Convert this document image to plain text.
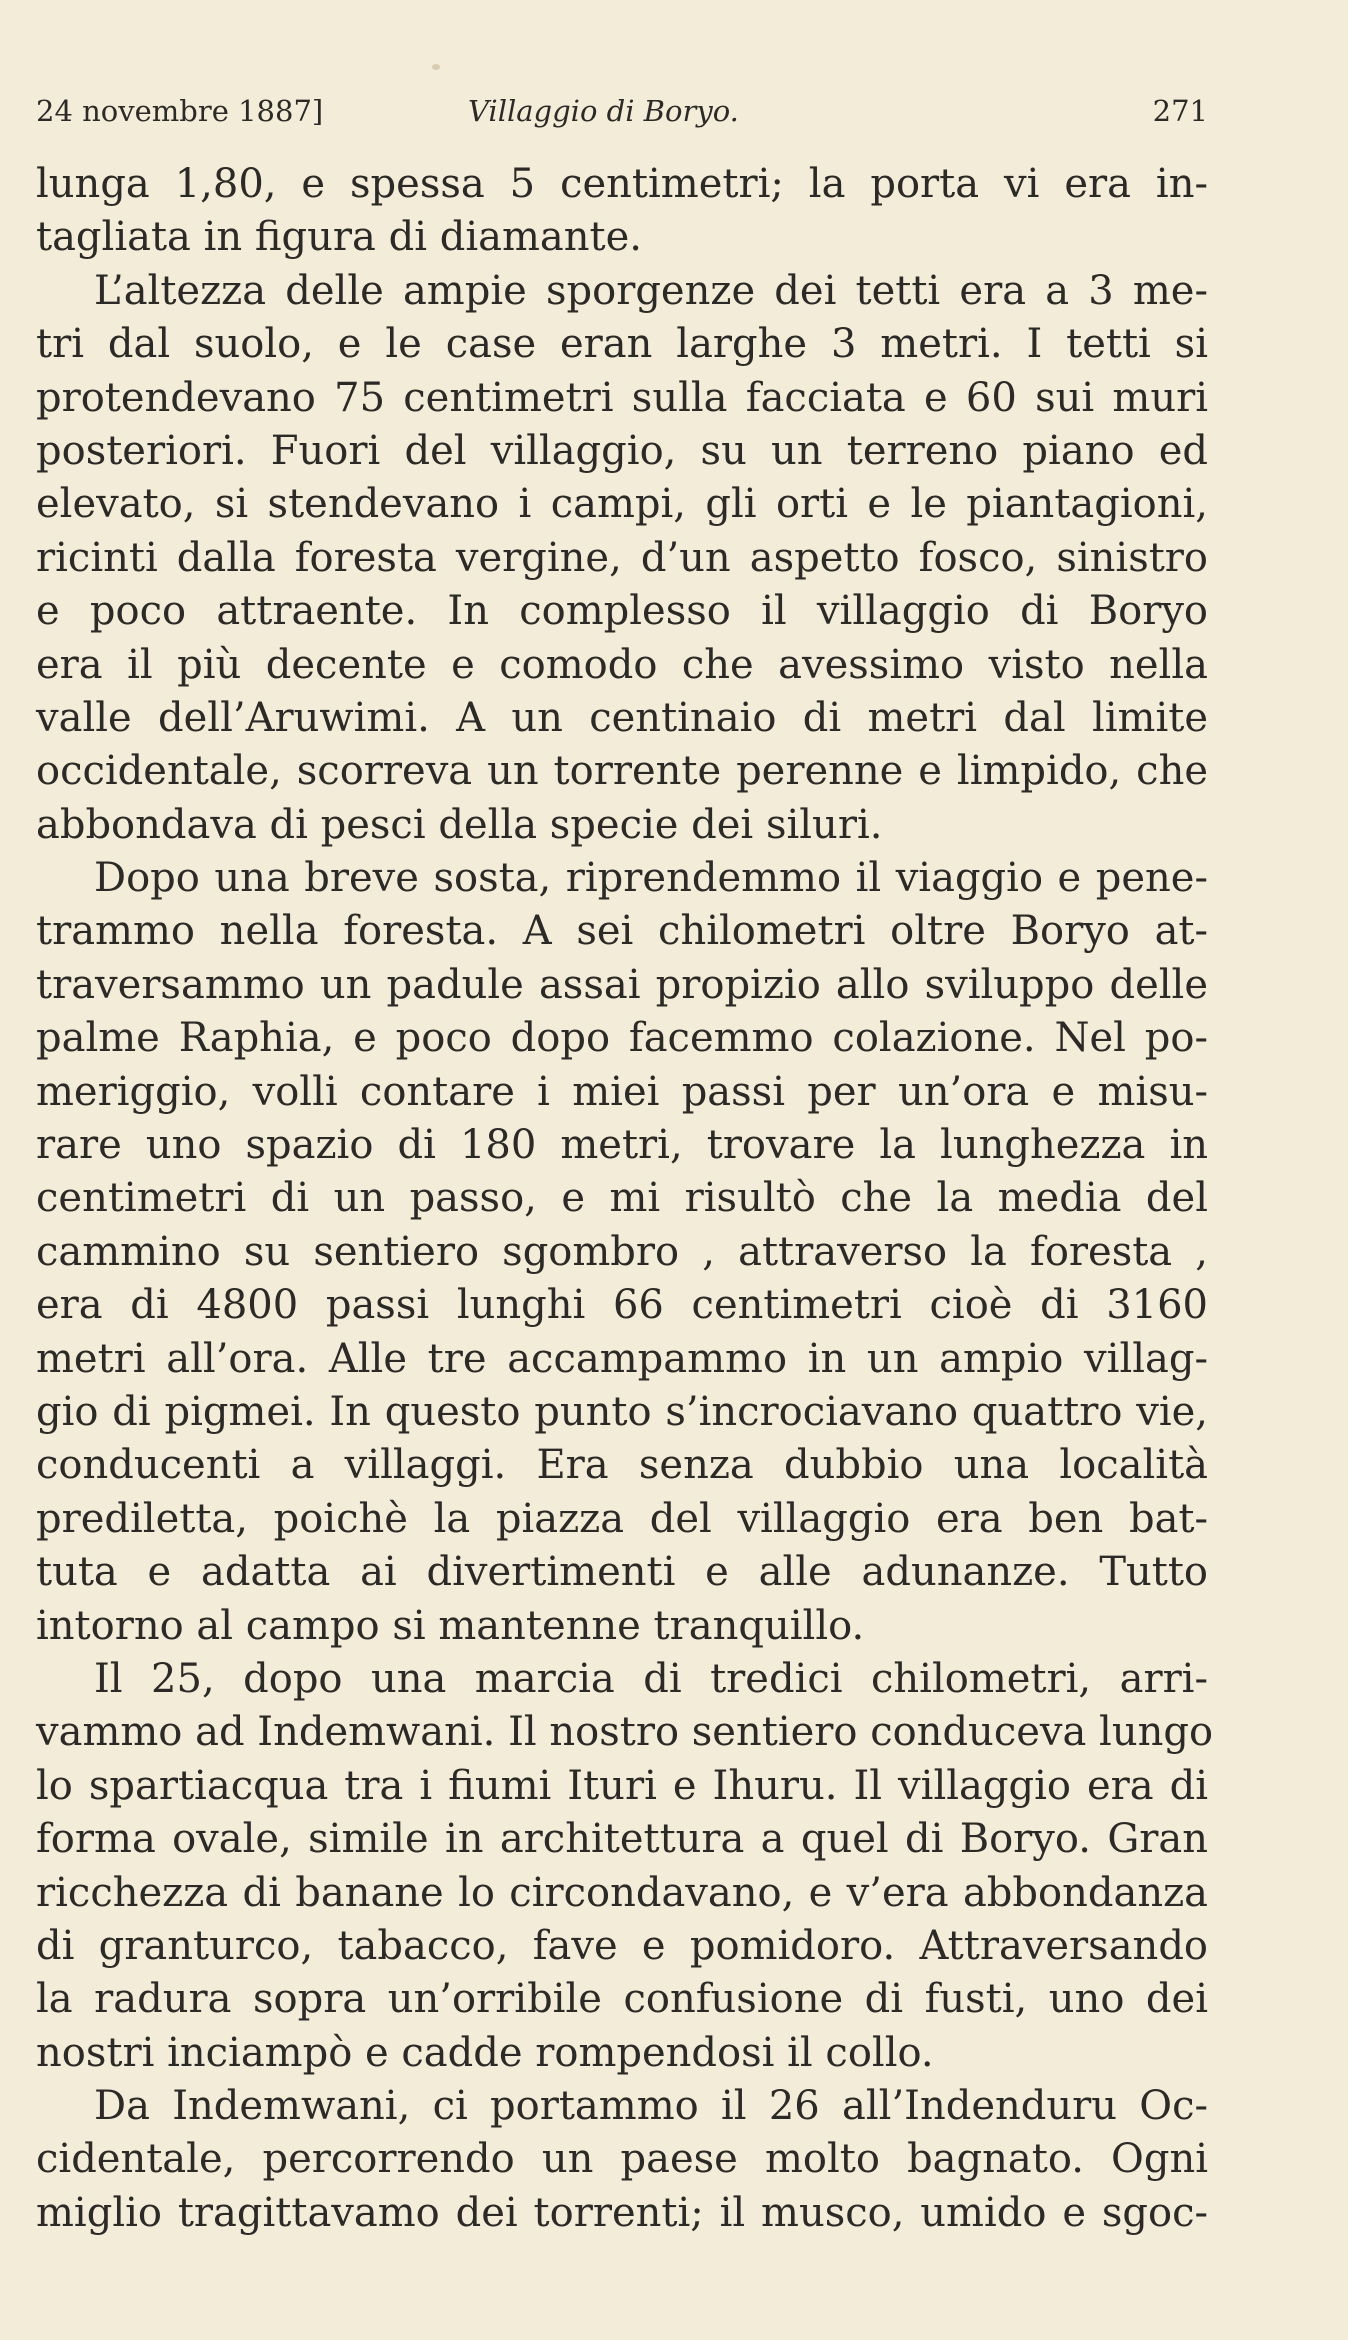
24 novembre 1887]	Villaggio di Boryo.	271
lunga 1,80, e spessa 5 centimetri; la porta vi era in-
tagliata in figura di diamante.
L’altezza delle ampie sporgenze dei tetti era a 3 me-
tri dal suolo, e le case eran larghe 3 metri. I tetti si
protendevano 75 centimetri sulla facciata e 60 sui muri
posteriori. Fuori del villaggio, su un terreno piano ed
elevato, si stendevano i campi, gli orti e le piantagioni,
ricinti dalla foresta vergine, d’un aspetto fosco, sinistro
e poco attraente. In complesso il villaggio di Boryo
era il più decente e comodo che avessimo visto nella
valle dell’Aruwimi. A un centinaio di metri dal limite
occidentale, scorreva un torrente perenne e limpido, che
abbondava di pesci della specie dei siluri.
Dopo una breve sosta, riprendemmo il viaggio e pene-
trammo nella foresta. A sei chilometri oltre Boryo at-
traversammo un padule assai propizio allo sviluppo delle
palme Raphia, e poco dopo facemmo colazione. Nel po-
meriggio, volli contare i miei passi per un’ora e misu-
rare uno spazio di 180 metri, trovare la lunghezza in
centimetri di un passo, e mi risultò che la media del
cammino su sentiero sgombro , attraverso la foresta ,
era di 4800 passi lunghi 66 centimetri cioè di 3160
metri all’ora. Alle tre accampammo in un ampio villag-
gio di pigmei. In questo punto s’incrociavano quattro vie,
conducenti a villaggi. Era senza dubbio una località
prediletta, poichè la piazza del villaggio era ben bat-
tuta e adatta ai divertimenti e alle adunanze. Tutto
intorno al campo si mantenne tranquillo.
Il 25, dopo una marcia di tredici chilometri, arri-
vammo ad Indemwani. Il nostro sentiero conduceva lungo
lo spartiacqua tra i fiumi Ituri e Ihuru. Il villaggio era di
forma ovale, simile in architettura a quel di Boryo. Gran
ricchezza di banane lo circondavano, e v’era abbondanza
di granturco, tabacco, fave e pomidoro. Attraversando
la radura sopra un’orribile confusione di fusti, uno dei
nostri inciampò e cadde rompendosi il collo.
Da Indemwani, ci portammo il 26 all’Indenduru Oc-
cidentale, percorrendo un paese molto bagnato. Ogni
miglio tragittavamo dei torrenti; il musco, umido e sgoc-
